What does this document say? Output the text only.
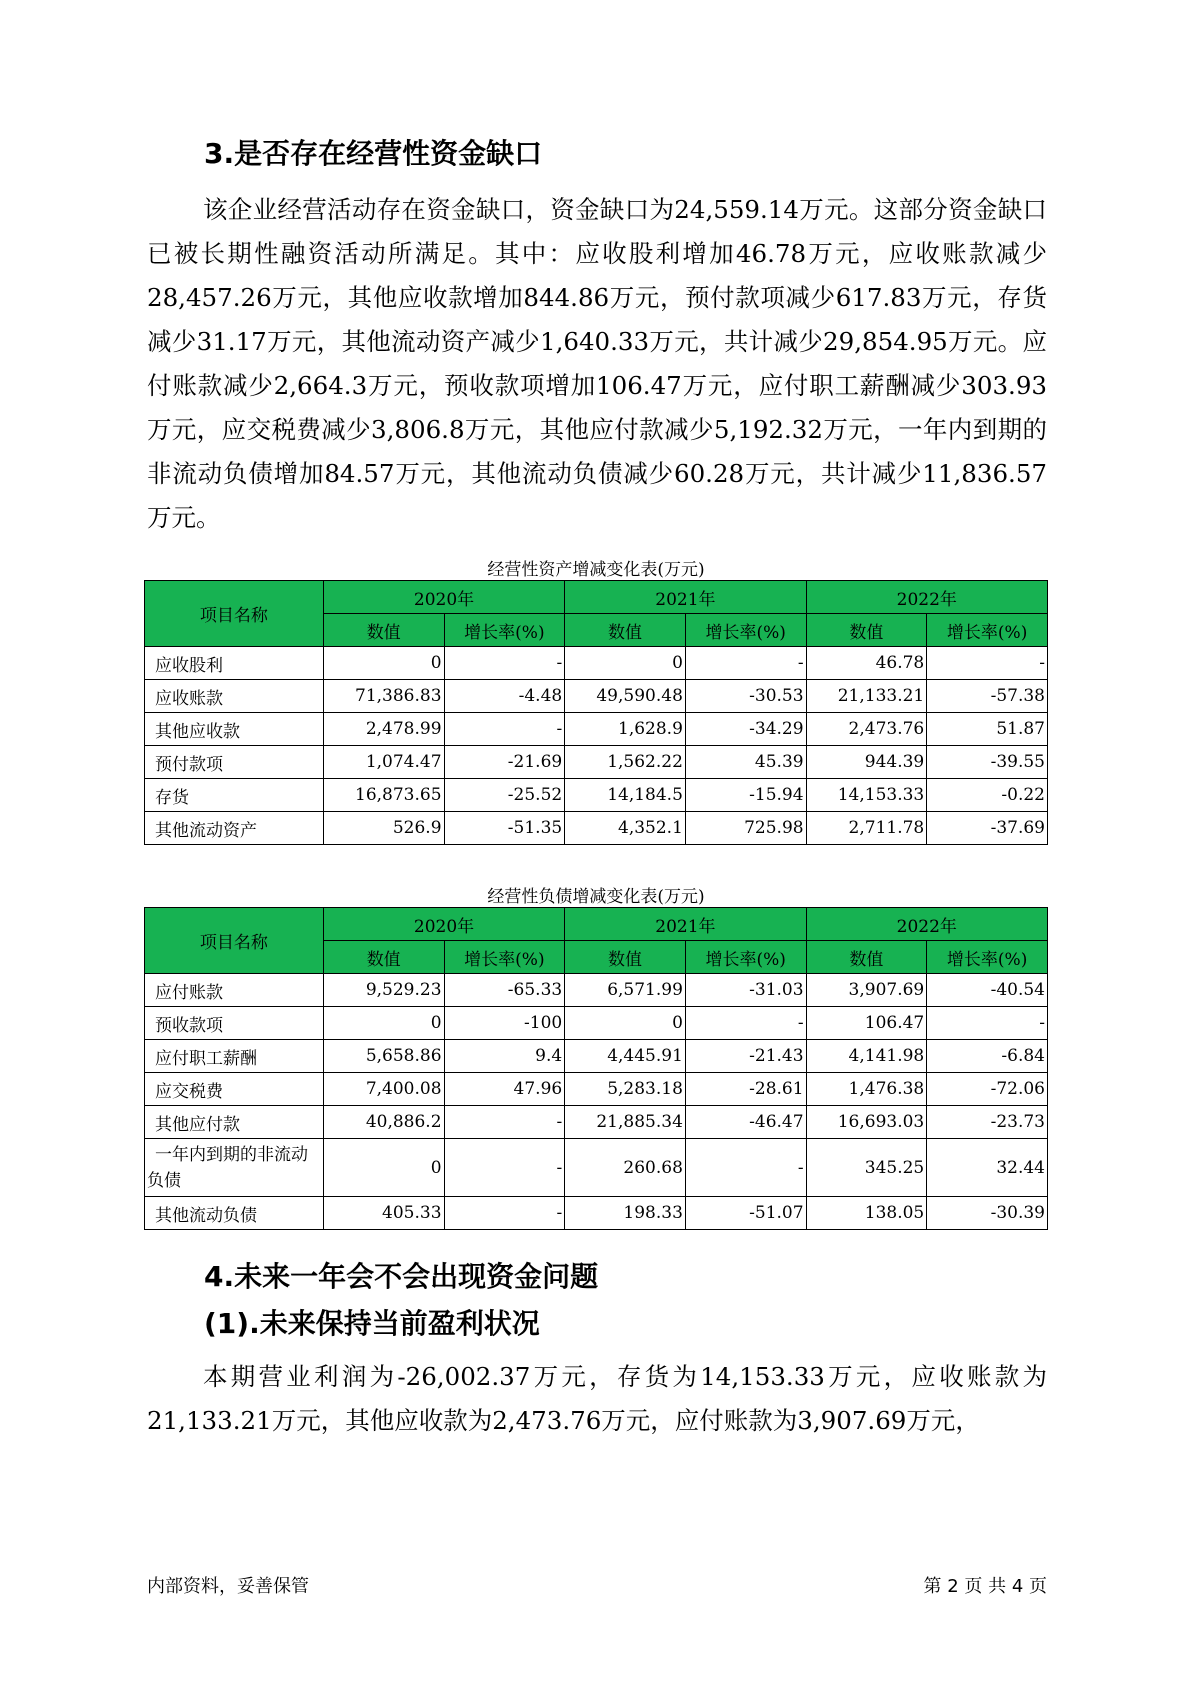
3.是否存在经营性资金缺口

该企业经营活动存在资金缺口，资金缺口为24,559.14万元。这部分资金缺口已被长期性融资活动所满足。其中：应收股利增加46.78万元，应收账款减少28,457.26万元，其他应收款增加844.86万元，预付款项减少617.83万元，存货减少31.17万元，其他流动资产减少1,640.33万元，共计减少29,854.95万元。应付账款减少2,664.3万元，预收款项增加106.47万元，应付职工薪酬减少303.93万元，应交税费减少3,806.8万元，其他应付款减少5,192.32万元，一年内到期的非流动负债增加84.57万元，其他流动负债减少60.28万元，共计减少11,836.57万元。

经营性资产增减变化表(万元)
项目名称	2020年		2021年		2022年	
	数值	增长率(%)	数值	增长率(%)	数值	增长率(%)
应收股利	0	-	0	-	46.78	-
应收账款	71,386.83	-4.48	49,590.48	-30.53	21,133.21	-57.38
其他应收款	2,478.99	-	1,628.9	-34.29	2,473.76	51.87
预付款项	1,074.47	-21.69	1,562.22	45.39	944.39	-39.55
存货	16,873.65	-25.52	14,184.5	-15.94	14,153.33	-0.22
其他流动资产	526.9	-51.35	4,352.1	725.98	2,711.78	-37.69
经营性负债增减变化表(万元)
项目名称	2020年		2021年		2022年	
	数值	增长率(%)	数值	增长率(%)	数值	增长率(%)
应付账款	9,529.23	-65.33	6,571.99	-31.03	3,907.69	-40.54
预收款项	0	-100	0	-	106.47	-
应付职工薪酬	5,658.86	9.4	4,445.91	-21.43	4,141.98	-6.84
应交税费	7,400.08	47.96	5,283.18	-28.61	1,476.38	-72.06
其他应付款	40,886.2	-	21,885.34	-46.47	16,693.03	-23.73
一年内到期的非流动负债	0	-	260.68	-	345.25	32.44
其他流动负债	405.33	-	198.33	-51.07	138.05	-30.39
4.未来一年会不会出现资金问题
(1).未来保持当前盈利状况

本期营业利润为-26,002.37万元，存货为14,153.33万元，应收账款为21,133.21万元，其他应收款为2,473.76万元，应付账款为3,907.69万元，

内部资料，妥善保管	第 2 页 共 4 页
